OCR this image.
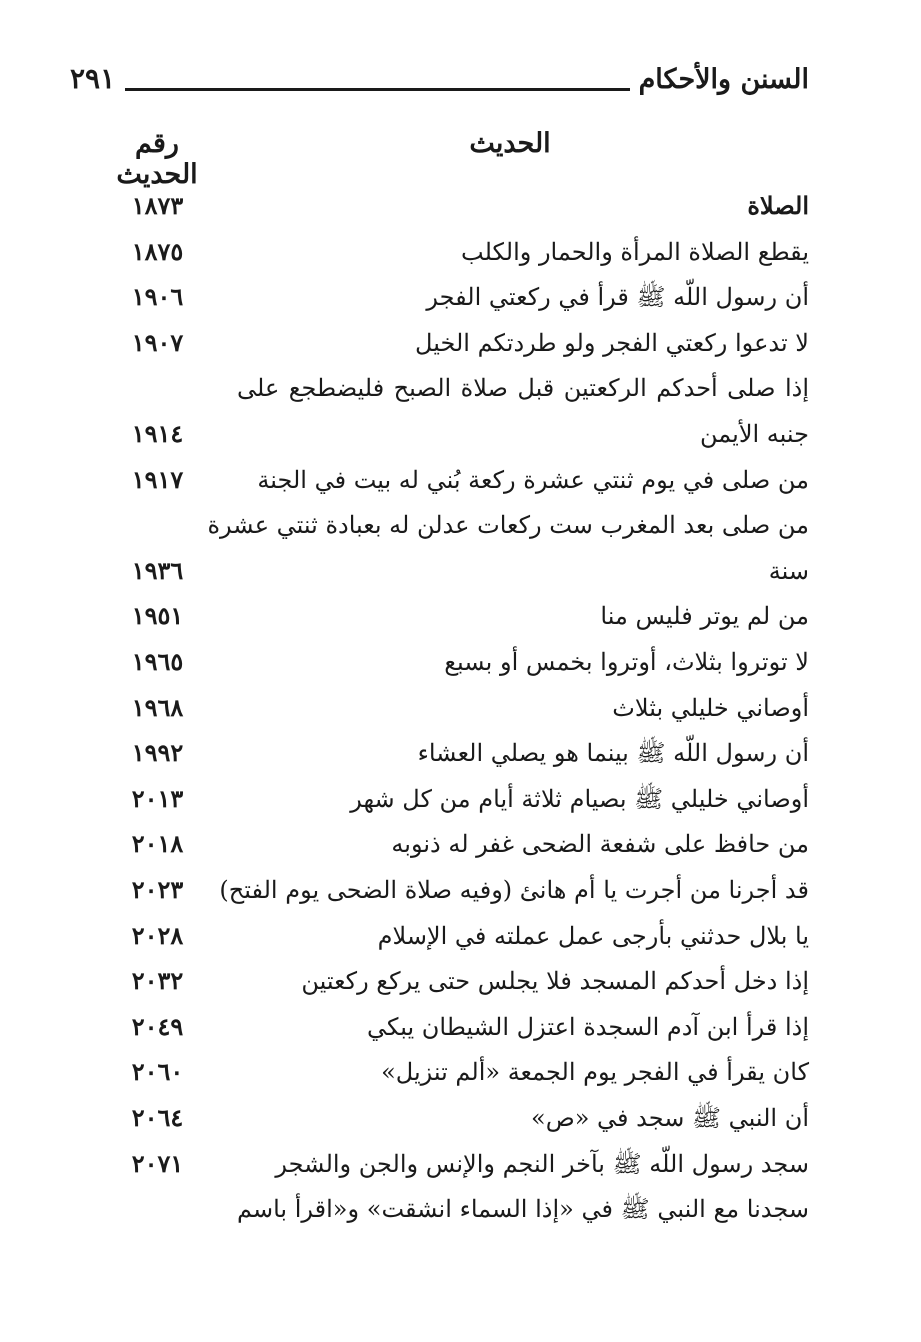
السنن والأحكام
٢٩١
الحديث
رقم الحديث
الصلاة
١٨٧٣
يقطع الصلاة المرأة والحمار والكلب
١٨٧٥
أن رسول اللّه ﷺ قرأ في ركعتي الفجر
١٩٠٦
لا تدعوا ركعتي الفجر ولو طردتكم الخيل
١٩٠٧
إذا صلى أحدكم الركعتين قبل صلاة الصبح فليضطجع على
جنبه الأيمن
١٩١٤
من صلى في يوم ثنتي عشرة ركعة بُني له بيت في الجنة
١٩١٧
من صلى بعد المغرب ست ركعات عدلن له بعبادة ثنتي عشرة
سنة
١٩٣٦
من لم يوتر فليس منا
١٩٥١
لا توتروا بثلاث، أوتروا بخمس أو بسبع
١٩٦٥
أوصاني خليلي بثلاث
١٩٦٨
أن رسول اللّه ﷺ بينما هو يصلي العشاء
١٩٩٢
أوصاني خليلي ﷺ بصيام ثلاثة أيام من كل شهر
٢٠١٣
من حافظ على شفعة الضحى غفر له ذنوبه
٢٠١٨
قد أجرنا من أجرت يا أم هانئ (وفيه صلاة الضحى يوم الفتح)
٢٠٢٣
يا بلال حدثني بأرجى عمل عملته في الإسلام
٢٠٢٨
إذا دخل أحدكم المسجد فلا يجلس حتى يركع ركعتين
٢٠٣٢
إذا قرأ ابن آدم السجدة اعتزل الشيطان يبكي
٢٠٤٩
كان يقرأ في الفجر يوم الجمعة «ألم تنزيل»
٢٠٦٠
أن النبي ﷺ سجد في «ص»
٢٠٦٤
سجد رسول اللّه ﷺ بآخر النجم والإنس والجن والشجر
٢٠٧١
سجدنا مع النبي ﷺ في «إذا السماء انشقت» و«اقرأ باسم
